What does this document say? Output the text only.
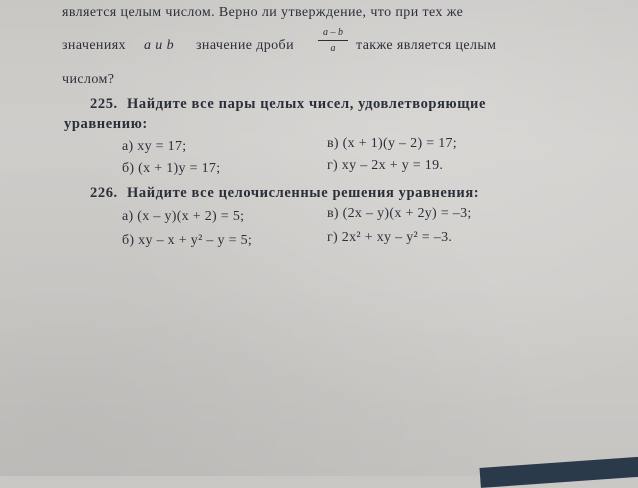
является целым числом. Верно ли утверждение, что при тех же
значениях a и b значение дроби
a – b
a	также является целым
числом?
225. Найдите все пары целых чисел, удовлетворяющие
уравнению:
а) xy = 17;	в) (x + 1)(y – 2) = 17;
б) (x + 1)y = 17;	г) xy – 2x + y = 19.
226. Найдите все целочисленные решения уравнения:
а) (x – y)(x + 2) = 5;	в) (2x – y)(x + 2y) = –3;
б) xy – x + y² – y = 5;	г) 2x² + xy – y² = –3.
